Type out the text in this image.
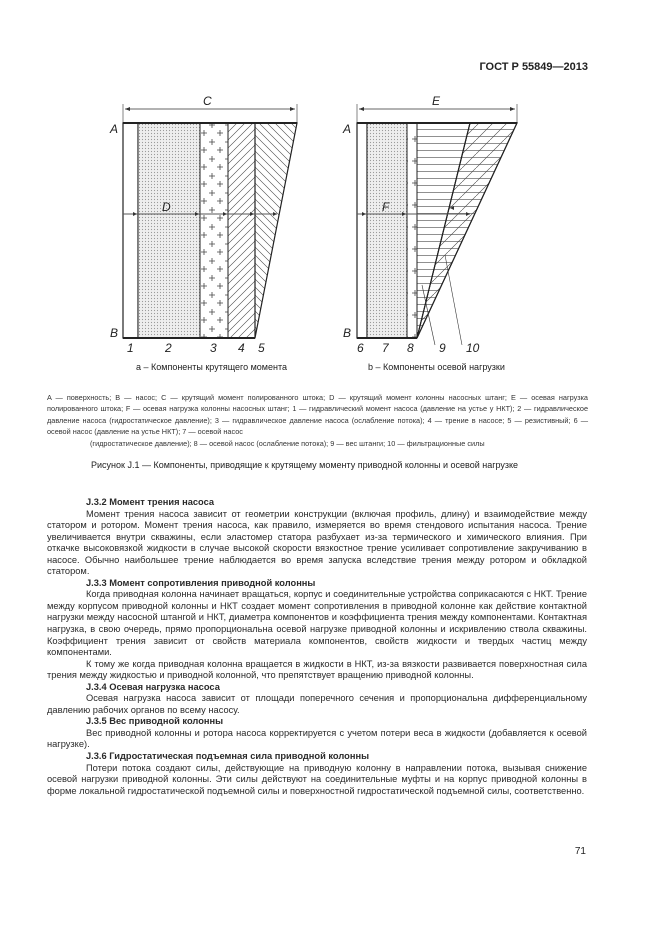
ГОСТ Р 55849—2013
A
B
C
D
1	2	3 4 5
a – Компоненты крутящего момента
A
B
E
F
6 7 8 9 10
b – Компоненты осевой нагрузки
A — поверхность; B — насос; C — крутящий момент полированного штока; D — крутящий момент колонны насосных штанг; E — осевая нагрузка полированного штока; F — осевая нагрузка колонны насосных штанг; 1 — гидравлический момент насоса (давление на устье у НКТ); 2 — гидравлическое давление насоса (гидростатическое давление); 3 — гидравлическое давление насоса (ослабление потока); 4 — трение в насосе; 5 — резистивный; 6 — осевой насос (давление на устье НКТ); 7 — осевой насос
(гидростатическое давление); 8 — осевой насос (ослабление потока); 9 — вес штанги; 10 — фильтрационные силы
Рисунок J.1 — Компоненты, приводящие к крутящему моменту приводной колонны и осевой нагрузке
J.3.2 Момент трения насоса

Момент трения насоса зависит от геометрии конструкции (включая профиль, длину) и взаимодействие между статором и ротором. Момент трения насоса, как правило, измеряется во время стендового испытания насоса. Трение увеличивается внутри скважины, если эластомер статора разбухает из-за термического и химического влияния. При откачке высоковязкой жидкости в случае высокой скорости вязкостное трение усиливает сопротивление закручиванию в насосе. Обычно наибольшее трение наблюдается во время запуска вследствие трения между ротором и обкладкой статором.

J.3.3 Момент сопротивления приводной колонны

Когда приводная колонна начинает вращаться, корпус и соединительные устройства соприкасаются с НКТ. Трение между корпусом приводной колонны и НКТ создает момент сопротивления в приводной колонне как действие контактной нагрузки между насосной штангой и НКТ, диаметра компонентов и коэффициента трения между компонентами. Контактная нагрузка, в свою очередь, прямо пропорциональна осевой нагрузке приводной колонны и искривлению ствола скважины. Коэффициент трения зависит от свойств материала компонентов, свойств жидкости и твердых частиц между компонентами.

К тому же когда приводная колонна вращается в жидкости в НКТ, из-за вязкости развивается поверхностная сила трения между жидкостью и приводной колонной, что препятствует вращению приводной колонны.

J.3.4 Осевая нагрузка насоса

Осевая нагрузка насоса зависит от площади поперечного сечения и пропорциональна дифференциальному давлению рабочих органов по всему насосу.

J.3.5 Вес приводной колонны

Вес приводной колонны и ротора насоса корректируется с учетом потери веса в жидкости (добавляется к осевой нагрузке).

J.3.6 Гидростатическая подъемная сила приводной колонны

Потери потока создают силы, действующие на приводную колонну в направлении потока, вызывая снижение осевой нагрузки приводной колонны. Эти силы действуют на соединительные муфты и на корпус приводной колонны в форме локальной гидростатической подъемной силы и поверхностной гидростатической подъемной силы, соответственно.

71
